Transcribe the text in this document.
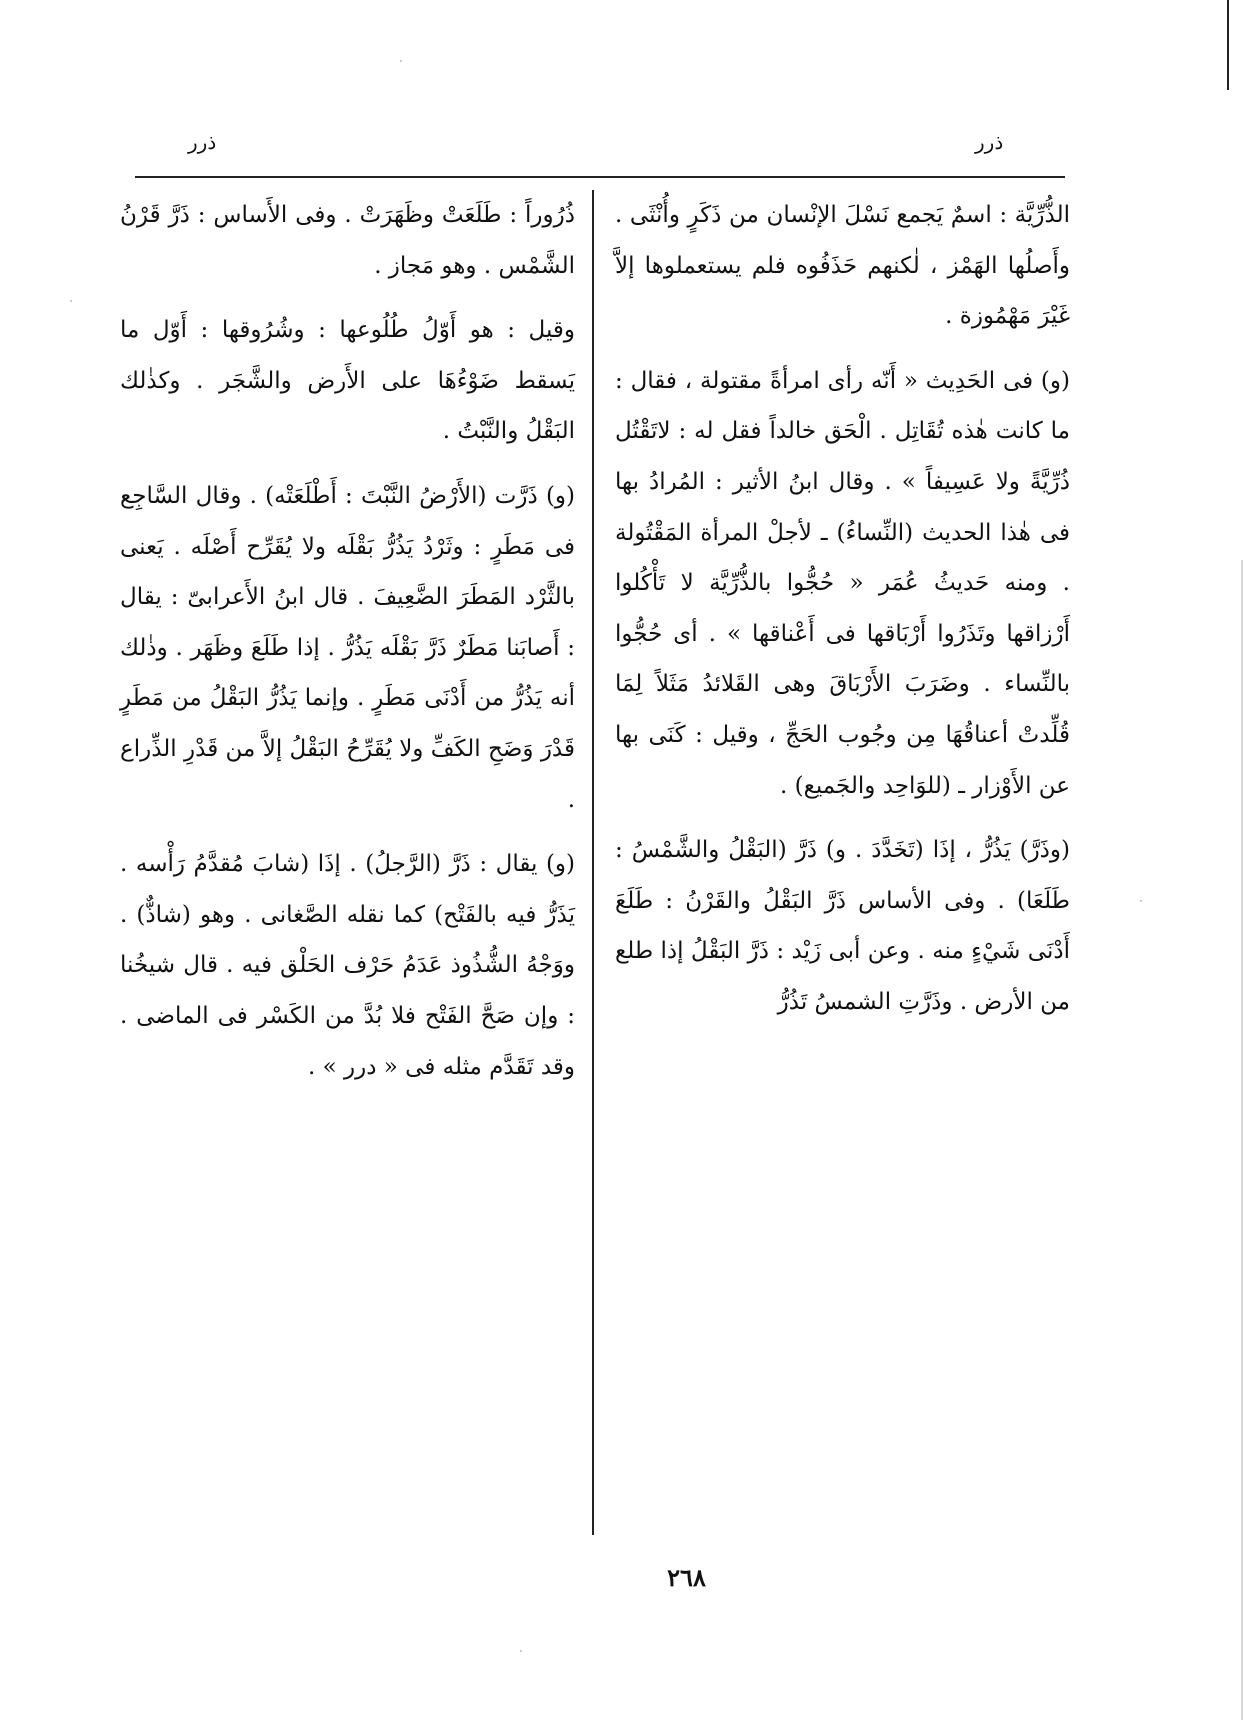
ذرر
ذرر

الذُّرِّيَّة : اسمٌ يَجمع نَسْلَ الإنْسان من ذَكَرٍ وأُنْثَى . وأَصلُها الهَمْز ، لٰكنهم حَذَفُوه فلم يستعملوها إلاَّ غَيْرَ مَهْمُوزة .

(و) فى الحَدِيث « أَنّه رأى امرأةً مقتولة ، فقال : ما كانت هٰذه تُقَاتِل . الْحَق خالداً فقل له : لاتَقْتُل ذُرِّيَّةً ولا عَسِيفاً » . وقال ابنُ الأثير : المُرادُ بها فى هٰذا الحديث (النِّساءُ) ـ لأجلْ المرأة المَقْتُولة . ومنه حَديثُ عُمَر « حُجُّوا بالذُّرِّيَّة لا تَأْكُلوا أَرْزاقها وتَذَرُوا أَرْبَاقها فى أَعْناقها » . أى حُجُّوا بالنِّساء . وضَرَبَ الأَرْبَاقَ وهى القَلائدُ مَثَلاً لِمَا قُلِّدتْ أعناقُهَا مِن وجُوب الحَجِّ ، وقيل : كَنَى بها عن الأَوْزار ـ (للوَاحِد والجَميع) .

(وذَرَّ) يَذُرُّ ، إذَا (تَخَدَّدَ . و) ذَرَّ (البَقْلُ والشَّمْسُ : طَلَعَا) . وفى الأساس ذَرَّ البَقْلُ والقَرْنُ : طَلَعَ أَدْنَى شَيْءٍ منه . وعن أبى زَيْد : ذَرَّ البَقْلُ إذا طلع من الأرض . وذَرَّتِ الشمسُ تَذُرُّ

ذُرُوراً : طَلَعَتْ وظَهَرَتْ . وفى الأَساس : ذَرَّ قَرْنُ الشَّمْس . وهو مَجاز .

وقيل : هو أَوّلُ طُلُوعها : وشُرُوقها : أَوّل ما يَسقط ضَوْءُهَا على الأَرض والشَّجَر . وكذٰلك البَقْلُ والنَّبْتُ .

(و) ذَرَّت (الأَرْضُ النَّبْتَ : أَطْلَعَتْه) . وقال السَّاجِع فى مَطَرٍ : وثَرْدُ يَذُرُّ بَقْلَه ولا يُقَرِّح أَصْلَه . يَعنى بالثَّرْد المَطَرَ الضَّعِيفَ . قال ابنُ الأَعرابىّ : يقال : أَصابَنا مَطَرٌ ذَرَّ بَقْلَه يَذُرُّ . إذا طَلَعَ وظَهَر . وذٰلك أنه يَذُرُّ من أَدْنَى مَطَرٍ . وإنما يَذُرُّ البَقْلُ من مَطَرٍ قَدْرَ وَضَحِ الكَفِّ ولا يُقَرِّحُ البَقْلُ إلاَّ من قَدْرِ الذِّراع .

(و) يقال : ذَرَّ (الرَّجلُ) . إذَا (شابَ مُقدَّمُ رَأْسه . يَذَرُّ فيه بالفَتْح) كما نقله الصَّغانى . وهو (شاذٌّ) . ووَجْهُ الشُّذُوذ عَدَمُ حَرْف الحَلْق فيه . قال شيخُنا : وإن صَحَّ الفَتْح فلا بُدَّ من الكَسْر فى الماضى . وقد تَقَدَّم مثله فى « درر » .

٢٦٨
